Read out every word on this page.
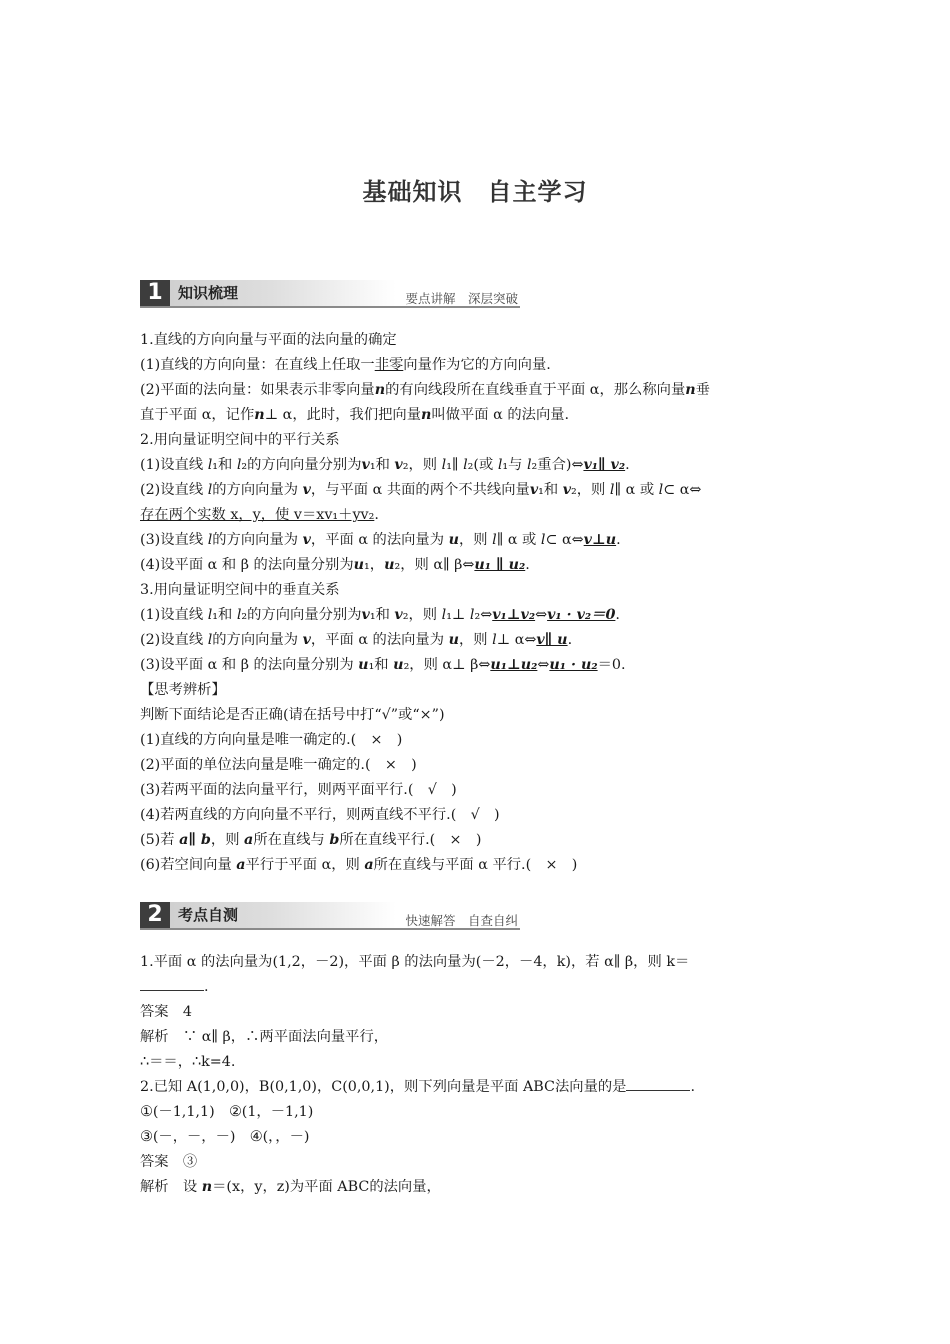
基础知识　自主学习
1	知识梳理	要点讲解　深层突破
1.直线的方向向量与平面的法向量的确定
(1)直线的方向向量：在直线上任取一非零向量作为它的方向向量.
(2)平面的法向量：如果表示非零向量n的有向线段所在直线垂直于平面 α，那么称向量n垂
直于平面 α，记作n⊥ α，此时，我们把向量n叫做平面 α 的法向量.
2.用向量证明空间中的平行关系
(1)设直线 l₁和 l₂的方向向量分别为v₁和 v₂，则 l₁∥ l₂(或 l₁与 l₂重合)⇔v₁∥ v₂.
(2)设直线 l的方向向量为 v，与平面 α 共面的两个不共线向量v₁和 v₂，则 l∥ α 或 l⊂ α⇔
存在两个实数 x，y，使 v＝xv₁＋yv₂.
(3)设直线 l的方向向量为 v，平面 α 的法向量为 u，则 l∥ α 或 l⊂ α⇔v⊥u.
(4)设平面 α 和 β 的法向量分别为u₁，u₂，则 α∥ β⇔u₁ ∥ u₂.
3.用向量证明空间中的垂直关系
(1)设直线 l₁和 l₂的方向向量分别为v₁和 v₂，则 l₁⊥ l₂⇔v₁⊥v₂⇔v₁ · v₂＝0.
(2)设直线 l的方向向量为 v，平面 α 的法向量为 u，则 l⊥ α⇔v∥ u.
(3)设平面 α 和 β 的法向量分别为 u₁和 u₂，则 α⊥ β⇔u₁⊥u₂⇔u₁ · u₂＝0.
【思考辨析】
判断下面结论是否正确(请在括号中打“√”或“×”)
(1)直线的方向向量是唯一确定的.(　×　)
(2)平面的单位法向量是唯一确定的.(　×　)
(3)若两平面的法向量平行，则两平面平行.(　√　)
(4)若两直线的方向向量不平行，则两直线不平行.(　√　)
(5)若 a∥ b，则 a所在直线与 b所在直线平行.(　×　)
(6)若空间向量 a平行于平面 α，则 a所在直线与平面 α 平行.(　×　)
2	考点自测	快速解答　自查自纠
1.平面 α 的法向量为(1,2，－2)，平面 β 的法向量为(－2，－4，k)，若 α∥ β，则 k＝
.
答案　4
解析　∵ α∥ β，∴两平面法向量平行，
∴＝＝，∴k=4.
2.已知 A(1,0,0)，B(0,1,0)，C(0,0,1)，则下列向量是平面 ABC法向量的是	.
①(－1,1,1)　②(1，－1,1)
③(－，－，－)　④(，，－)
答案　③
解析　设 n＝(x，y，z)为平面 ABC的法向量，
